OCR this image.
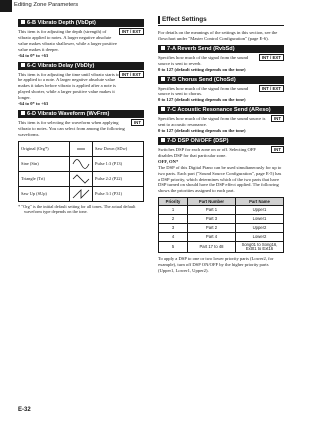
Editing Zone Parameters
6-B Vibrato Depth (VbDpt)
INT / EXT

This item is for adjusting the depth (strength) of vibrato applied to notes. A larger negative absolute value makes vibrato shallower, while a larger positive value makes it deeper.

-64 to 0* to +63

6-C Vibrato Delay (VbDly)
INT / EXT

This item is for adjusting the time until vibrato starts to be applied to a note. A larger negative absolute value makes it takes before vibrato is applied after a note is played shorter, while a larger positive value makes it longer.

-64 to 0* to +63

6-D Vibrato Waveform (WvFrm)
INT

This item is for selecting the waveform when applying vibrato to notes. You can select from among the following waveforms.

Original (Org*)		Saw Down (SDw)
Sine (Sin)		Pulse 1:3 (P13)
Triangle (Tri)		Pulse 2:2 (P22)
Saw Up (SUp)		Pulse 3:1 (P31)
* "Org" is the initial default setting for all tones. The actual default waveform type depends on the tone.
Effect Settings

For details on the meanings of the settings in this section, see the flowchart under "Master Control Configuration" (page E-6).

7-A Reverb Send (RvbSd)
INT / EXT

Specifies how much of the signal from the sound source is sent to reverb.

0 to 127 (default setting depends on the tone)

7-B Chorus Send (ChoSd)
INT / EXT

Specifies how much of the signal from the sound source is sent to chorus.

0 to 127 (default setting depends on the tone)

7-C Acoustic Resonance Send (AReso)
INT

Specifies how much of the signal from the sound source is sent to acoustic resonance.

0 to 127 (default setting depends on the tone)

7-D DSP ON/OFF (DSP)
INT

Switches DSP for each zone on or off. Selecting OFF disables DSP for that particular zone.

OFF, ON*

The DSP of this Digital Piano can be used simultaneously for up to two parts. Each part ("Sound Source Configuration", page E-5) has a DSP priority, which determines which of the two parts that have DSP turned on should have the DSP effect applied. The following shows the priorities assigned to each part.

Priority	Part Number	Part Name
1	Part 1	Upper1
2	Part 3	Lower1
3	Part 2	Upper2
4	Part 4	Lower2
5	Part 17 to 48	Song01 to Song16, Ext01 to Ext16

To apply a DSP to one or two lower priority parts (Lower2, for example), turn off DSP ON/OFF by the higher priority parts (Upper1, Lower1, Upper2).

E-32
